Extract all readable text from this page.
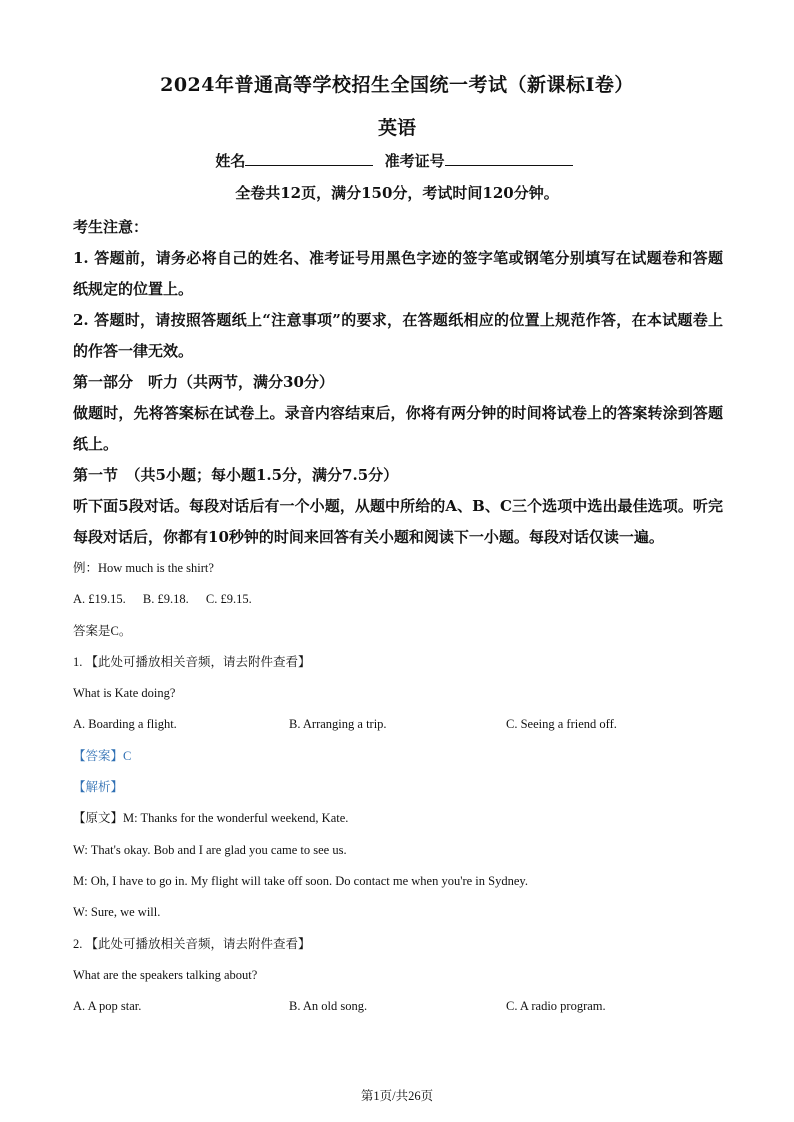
2024年普通高等学校招生全国统一考试（新课标Ⅰ卷）
英语
姓名	准考证号
全卷共12页，满分150分，考试时间120分钟。
考生注意：
1. 答题前，请务必将自己的姓名、准考证号用黑色字迹的签字笔或钢笔分别填写在试题卷和答题纸规定的位置上。
2. 答题时，请按照答题纸上“注意事项”的要求，在答题纸相应的位置上规范作答，在本试题卷上的作答一律无效。
第一部分　听力（共两节，满分30分）
做题时，先将答案标在试卷上。录音内容结束后，你将有两分钟的时间将试卷上的答案转涂到答题纸上。
第一节　（共5小题；每小题1.5分，满分7.5分）
听下面5段对话。每段对话后有一个小题，从题中所给的A、B、C三个选项中选出最佳选项。听完每段对话后，你都有10秒钟的时间来回答有关小题和阅读下一小题。每段对话仅读一遍。
例：How much is the shirt?
A. £19.15. B. £9.18. C. £9.15.
答案是C。
1. 【此处可播放相关音频，请去附件查看】
What is Kate doing?
A. Boarding a flight.	B. Arranging a trip.	C. Seeing a friend off.
【答案】C
【解析】
【原文】M: Thanks for the wonderful weekend, Kate.
W: That's okay. Bob and I are glad you came to see us.
M: Oh, I have to go in. My flight will take off soon. Do contact me when you're in Sydney.
W: Sure, we will.
2. 【此处可播放相关音频，请去附件查看】
What are the speakers talking about?
A. A pop star.	B. An old song.	C. A radio program.
第1页/共26页
